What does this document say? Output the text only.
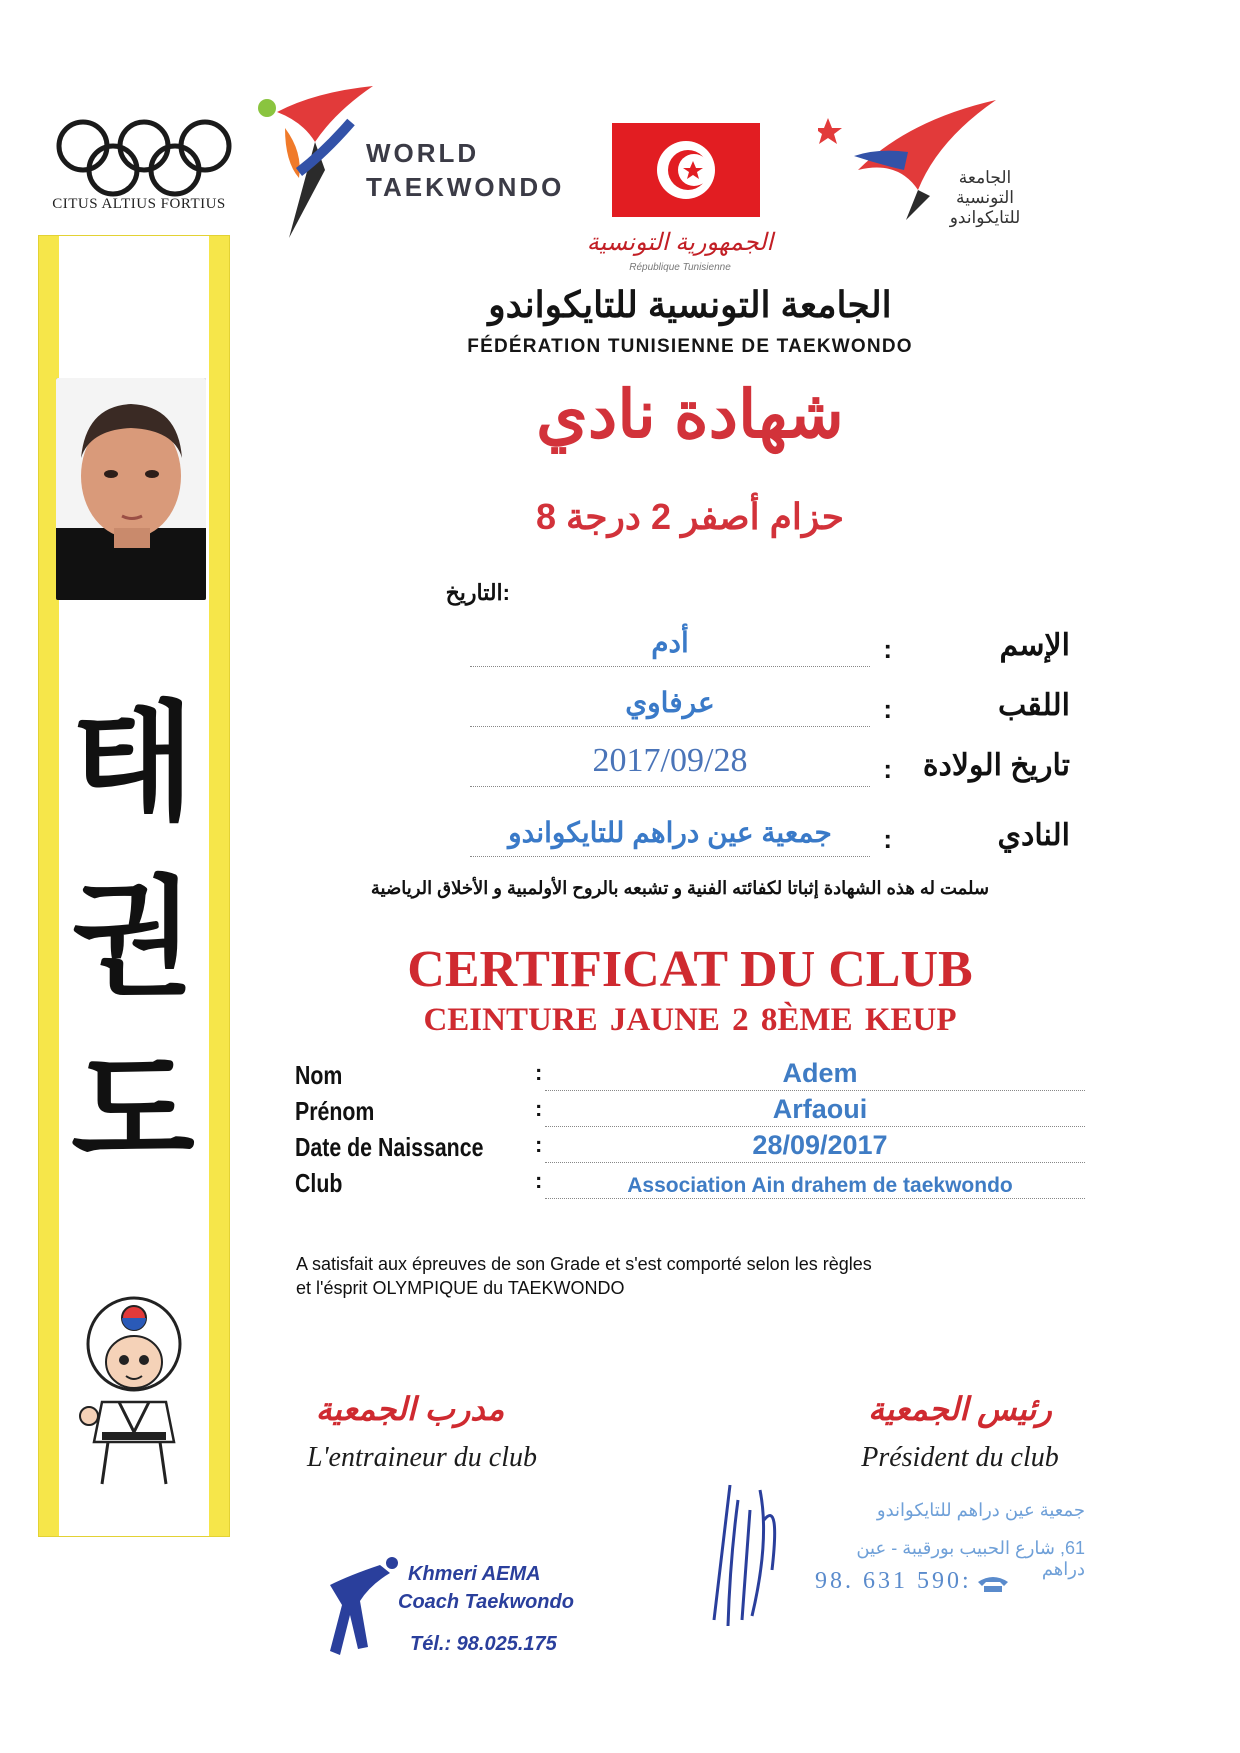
태
권
도
CITUS ALTIUS FORTIUS
WORLD
TAEKWONDO
الجمهورية التونسية
République Tunisienne
الجامعة
التونسية
للتايكواندو
الجامعة التونسية للتايكواندو
FÉDÉRATION TUNISIENNE DE TAEKWONDO
شهادة نادي
حزام أصفر 2 درجة 8
التاريخ:
أدم	:	الإسم
عرفاوي	:	اللقب
2017/09/28	:	تاريخ الولادة
جمعية عين دراهم للتايكواندو	:	النادي
سلمت له هذه الشهادة إثباتا لكفائته الفنية و تشبعه بالروح الأولمبية و الأخلاق الرياضية
CERTIFICAT DU CLUB
CEINTURE JAUNE 2 8ÈME KEUP
Nom	:	Adem
Prénom	:	Arfaoui
Date de Naissance :	28/09/2017
Club	:	Association Ain drahem de taekwondo
A satisfait aux épreuves de son Grade et s'est comporté selon les règles
et l'ésprit OLYMPIQUE du TAEKWONDO
مدرب الجمعية
L'entraineur du club
رئيس الجمعية
Président du club
Khmeri AEMA
Coach Taekwondo
Tél.: 98.025.175
جمعية عين دراهم للتايكواندو
61, شارع الحبيب بورقيبة - عين دراهم
98. 631 590:
